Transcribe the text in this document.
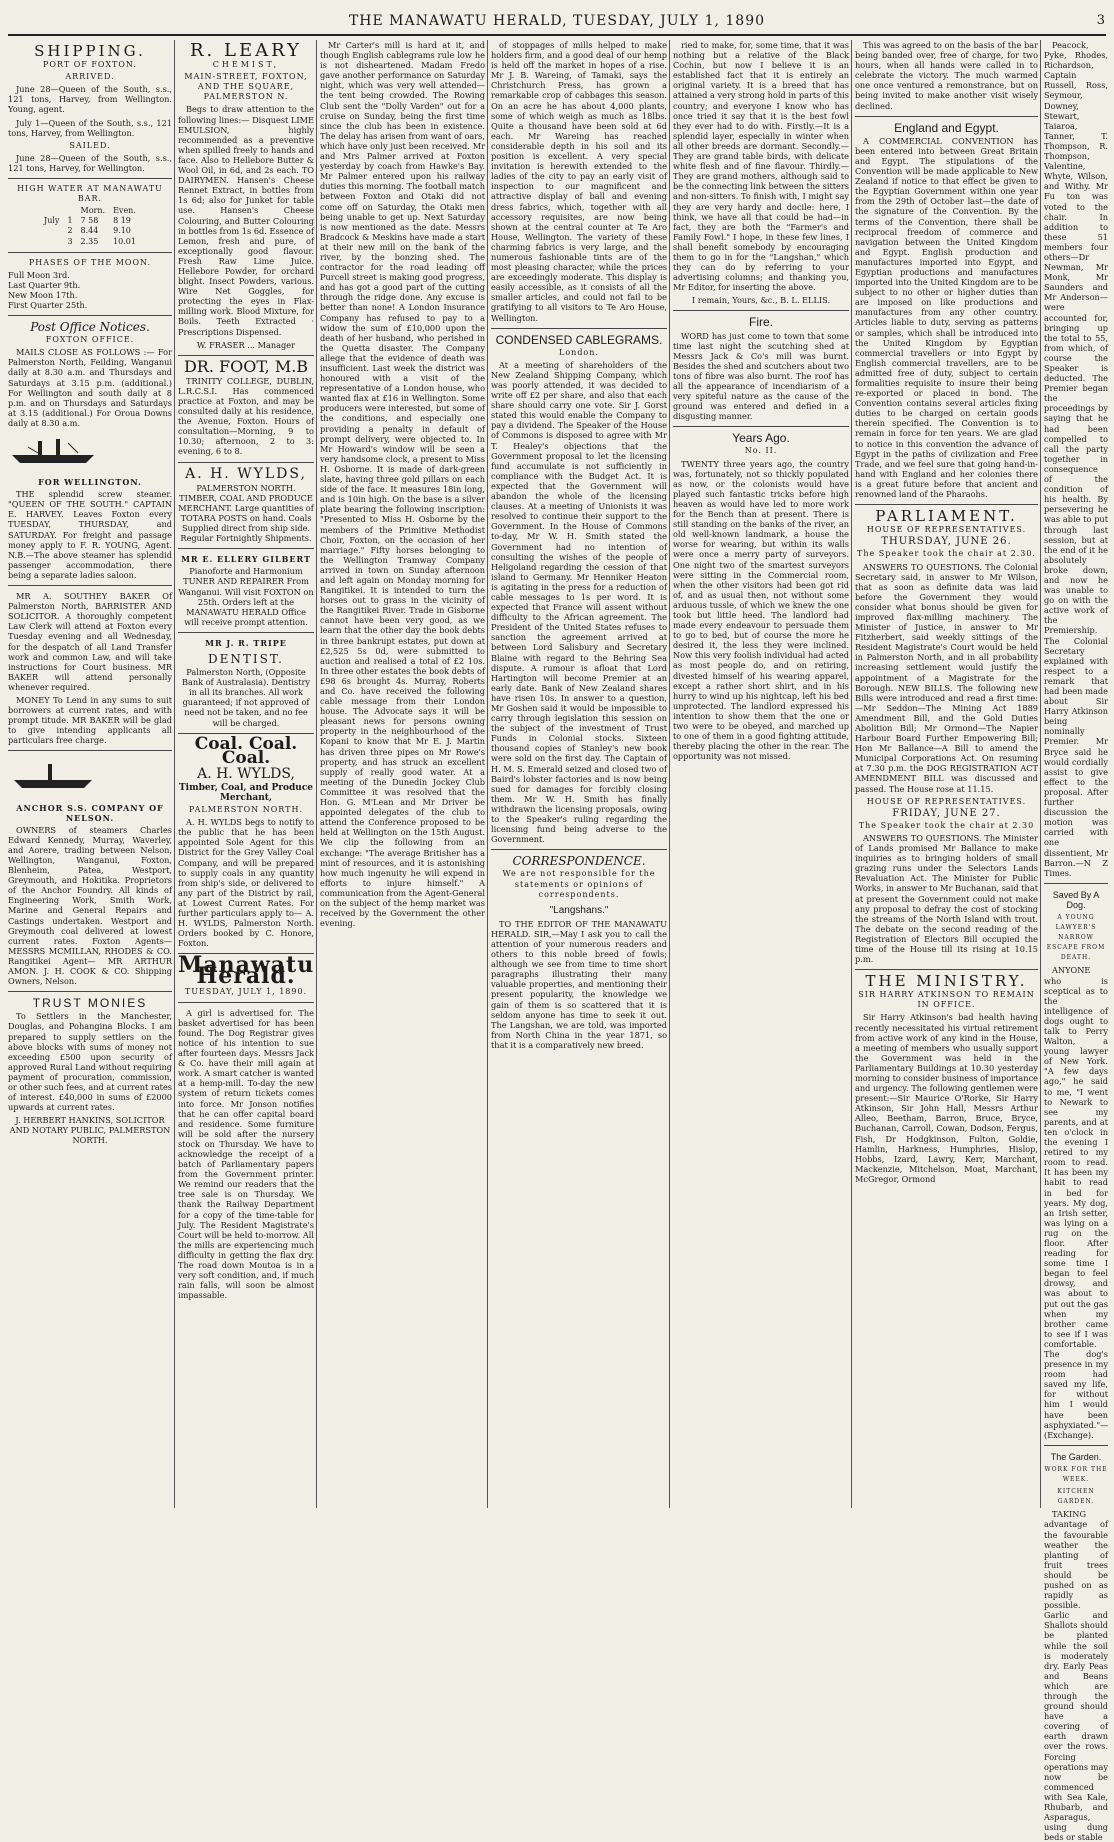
THE MANAWATU HERALD, TUESDAY, JULY 1, 1890	3
SHIPPING.
PORT OF FOXTON.
ARRIVED.

June 28—Queen of the South, s.s., 121 tons, Harvey, from Wellington. Young, agent.

July 1—Queen of the South, s.s., 121 tons, Harvey, from Wellington.

SAILED.

June 28—Queen of the South, s.s., 121 tons, Harvey, for Wellington.

HIGH WATER AT MANAWATU BAR.
		Morn.	Even.
July	1	7 58	8 19
	2	8.44	9.10
	3	2.35	10.01
PHASES OF THE MOON.
Full Moon 3rd.
Last Quarter 9th.
New Moon 17th.
First Quarter 25th.
Post Office Notices.
FOXTON OFFICE.

MAILS CLOSE AS FOLLOWS :— For Palmerston North, Feilding, Wanganui daily at 8.30 a.m. and Thursdays and Saturdays at 3.15 p.m. (additional.) For Wellington and south daily at 8 p.m. and on Thursdays and Saturdays at 3.15 (additional.) For Oroua Downs daily at 8.30 a.m.

FOR WELLINGTON.

THE splendid screw steamer. "QUEEN OF THE SOUTH." CAPTAIN E. HARVEY. Leaves Foxton every TUESDAY, THURSDAY, and SATURDAY. For freight and passage money apply to F. R. YOUNG, Agent. N.B.—The above steamer has splendid passenger accommodation, there being a separate ladies saloon.

MR A. SOUTHEY BAKER Of Palmerston North, BARRISTER AND SOLICITOR. A thoroughly competent Law Clerk will attend at Foxton every Tuesday evening and all Wednesday, for the despatch of all Land Transfer work and common Law, and will take instructions for Court business. MR BAKER will attend personally whenever required.

MONEY To Lend in any sums to suit borrowers at current rates, and with prompt titude. MR BAKER will be glad to give intending applicants all particulars free charge.

ANCHOR S.S. COMPANY OF NELSON.

OWNERS of steamers Charles Edward Kennedy, Murray, Waverley, and Aorere, trading between Nelson, Wellington, Wanganui, Foxton, Blenheim, Patea, Westport, Greymouth, and Hokitika. Proprietors of the Anchor Foundry. All kinds of Engineering Work, Smith Work, Marine and General Repairs and Castings undertaken. Westport and Greymouth coal delivered at lowest current rates. Foxton Agents— MESSRS MCMILLAN, RHODES & CO. Rangitikei Agent— MR ARTHUR AMON. J. H. COOK & CO. Shipping Owners, Nelson.

TRUST MONIES

To Settlers in the Manchester, Douglas, and Pohangina Blocks. I am prepared to supply settlers on the above blocks with sums of money not exceeding £500 upon security of approved Rural Land without requiring payment of procuration, commission, or other such fees, and at current rates of interest. £40,000 in sums of £2000 upwards at current rates.

J. HERBERT HANKINS, SOLICITOR AND NOTARY PUBLIC, PALMERSTON NORTH.

R. LEARY
CHEMIST,
MAIN-STREET, FOXTON, AND THE SQUARE, PALMERSTON N.

Begs to draw attention to the following lines:— Disquest LIME EMULSION, highly recommended as a preventive when spilled freely to hands and face. Also to Hellebore Butter & Wool Oil, in 6d, and 2s each. TO DAIRYMEN. Hansen's Cheese Rennet Extract, in bottles from 1s 6d; also for Junket for table use. Hansen's Cheese Colouring, and Butter Colouring in bottles from 1s 6d. Essence of Lemon, fresh and pure, of exceptionally good flavour. Fresh Raw Lime Juice. Hellebore Powder, for orchard blight. Insect Powders, various. Wire Net Goggles, for protecting the eyes in Flax-milling work. Blood Mixture, for Boils. Teeth Extracted · Prescriptions Dispensed.

W. FRASER ... Manager
DR. FOOT, M.B

TRINITY COLLEGE, DUBLIN, L.R.C.S.I. Has commenced practice at Foxton, and may be consulted daily at his residence, the Avenue, Foxton. Hours of consultation—Morning, 9 to 10.30; afternoon, 2 to 3: evening, 6 to 8.

A. H. WYLDS,

PALMERSTON NORTH. TIMBER, COAL AND PRODUCE MERCHANT. Large quantities of TOTARA POSTS on hand. Coals Supplied direct from ship side. Regular Fortnightly Shipments.

MR E. ELLERY GILBERT

Pianoforte and Harmonium TUNER AND REPAIRER From Wanganui. Will visit FOXTON on 25th. Orders left at the MANAWATU HERALD Office will receive prompt attention.

MR J. R. TRIPE
DENTIST.

Palmerston North, (Opposite Bank of Australasia). Dentistry in all its branches. All work guaranteed; if not approved of need not be taken, and no fee will be charged.

Coal. Coal.
Coal.
A. H. WYLDS,
Timber, Coal, and Produce Merchant,
PALMERSTON NORTH.

A. H. WYLDS begs to notify to the public that he has been appointed Sole Agent for this District for the Grey Valley Coal Company, and will be prepared to supply coals in any quantity from ship's side, or delivered to any part of the District by rail, at Lowest Current Rates. For further particulars apply to— A. H. WYLDS, Palmerston North. Orders booked by C. Honore, Foxton.

Manawatu Herald.
TUESDAY, JULY 1, 1890.

A girl is advertised for. The basket advertised for has been found. The Dog Registrar gives notice of his intention to sue after fourteen days. Messrs Jack & Co. have their mill again at work. A smart catcher is wanted at a hemp-mill. To-day the new system of return tickets comes into force. Mr Jonson notifies that he can offer capital board and residence. Some furniture will be sold after the nursery stock on Thursday. We have to acknowledge the receipt of a batch of Parliamentary papers from the Government printer. We remind our readers that the tree sale is on Thursday. We thank the Railway Department for a copy of the time-table for July. The Resident Magistrate's Court will be held to-morrow. All the mills are experiencing much difficulty in getting the flax dry. The road down Moutoa is in a very soft condition, and, if much rain falls, will soon be almost impassable.

Mr Carter's mill is hard at it, and though English cablegrams rule low he is not disheartened. Madam Fredo gave another performance on Saturday night, which was very well attended—the tent being crowded. The Rowing Club sent the "Dolly Varden" out for a cruise on Sunday, being the first time since the club has been in existence. The delay has arisen from want of oars, which have only just been received. Mr and Mrs Palmer arrived at Foxton yesterday by coach from Hawke's Bay. Mr Palmer entered upon his railway duties this morning. The football match between Foxton and Otaki did not come off on Saturday, the Otaki men being unable to get up. Next Saturday is now mentioned as the date. Messrs Bradcock & Meskins have made a start at their new mill on the bank of the river, by the bonzing shed. The contractor for the road leading off Purcell street is making good progress, and has got a good part of the cutting through the ridge done. Any excuse is better than none! A London Insurance Company has refused to pay to a widow the sum of £10,000 upon the death of her husband, who perished in the Quetta disaster. The Company allege that the evidence of death was insufficient. Last week the district was honoured with a visit of the representative of a London house, who wanted flax at £16 in Wellington. Some producers were interested, but some of the conditions, and especially one providing a penalty in default of prompt delivery, were objected to. In Mr Howard's window will be seen a very handsome clock, a present to Miss H. Osborne. It is made of dark-green slate, having three gold pillars on each side of the face. It measures 18in long, and is 10in high. On the base is a silver plate bearing the following inscription: "Presented to Miss H. Osborne by the members of the Primitive Methodist Choir, Foxton, on the occasion of her marriage." Fifty horses belonging to the Wellington Tramway Company arrived in town on Sunday afternoon and left again on Monday morning for Rangitikei. It is intended to turn the horses out to grass in the vicinity of the Rangitikei River. Trade in Gisborne cannot have been very good, as we learn that the other day the book debts in three bankrupt estates, put down at £2,525 5s 0d, were submitted to auction and realised a total of £2 10s. In three other estates the book debts of £98 6s brought 4s. Murray, Roberts and Co. have received the following cable message from their London house. The Advocate says it will be pleasant news for persons owning property in the neighbourhood of the Kopani to know that Mr E. J. Martin has driven three pipes on Mr Rowe's property, and has struck an excellent supply of really good water. At a meeting of the Dunedin Jockey Club Committee it was resolved that the Hon. G. M'Lean and Mr Driver be appointed delegates of the club to attend the Conference proposed to be held at Wellington on the 15th August. We clip the following from an exchange: "The average Britisher has a mint of resources, and it is astonishing how much ingenuity he will expend in efforts to injure himself." A communication from the Agent-General on the subject of the hemp market was received by the Government the other evening.

of stoppages of mills helped to make holders firm, and a good deal of our hemp is held off the market in hopes of a rise. Mr J. B. Wareing, of Tamaki, says the Christchurch Press, has grown a remarkable crop of cabbages this season. On an acre he has about 4,000 plants, some of which weigh as much as 18lbs. Quite a thousand have been sold at 6d each. Mr Wareing has reached considerable depth in his soil and its position is excellent. A very special invitation is herewith extended to the ladies of the city to pay an early visit of inspection to our magnificent and attractive display of ball and evening dress fabrics, which, together with all accessory requisites, are now being shown at the central counter at Te Aro House, Wellington. The variety of these charming fabrics is very large, and the numerous fashionable tints are of the most pleasing character, while the prices are exceedingly moderate. This display is easily accessible, as it consists of all the smaller articles, and could not fail to be gratifying to all visitors to Te Aro House, Wellington.

CONDENSED CABLEGRAMS.
London.

At a meeting of shareholders of the New Zealand Shipping Company, which was poorly attended, it was decided to write off £2 per share, and also that each share should carry one vote. Sir J. Gorst stated this would enable the Company to pay a dividend. The Speaker of the House of Commons is disposed to agree with Mr T. Healey's objections that the Government proposal to let the licensing fund accumulate is not sufficiently in compliance with the Budget Act. It is expected that the Government will abandon the whole of the licensing clauses. At a meeting of Unionists it was resolved to continue their support to the Government. In the House of Commons to-day, Mr W. H. Smith stated the Government had no intention of consulting the wishes of the people of Heligoland regarding the cession of that island to Germany. Mr Henniker Heaton is agitating in the press for a reduction of cable messages to 1s per word. It is expected that France will assent without difficulty to the African agreement. The President of the United States refuses to sanction the agreement arrived at between Lord Salisbury and Secretary Blaine with regard to the Behring Sea dispute. A rumour is afloat that Lord Hartington will become Premier at an early date. Bank of New Zealand shares have risen 10s. In answer to a question, Mr Goshen said it would be impossible to carry through legislation this session on the subject of the investment of Trust Funds in Colonial stocks. Sixteen thousand copies of Stanley's new book were sold on the first day. The Captain of H. M. S. Emerald seized and closed two of Baird's lobster factories and is now being sued for damages for forcibly closing them. Mr W. H. Smith has finally withdrawn the licensing proposals, owing to the Speaker's ruling regarding the licensing fund being adverse to the Government.

CORRESPONDENCE.
We are not responsible for the statements or opinions of correspondents.
"Langshans."

TO THE EDITOR OF THE MANAWATU HERALD. SIR,—May I ask you to call the attention of your numerous readers and others to this noble breed of fowls; although we see from time to time short paragraphs illustrating their many valuable properties, and mentioning their present popularity, the knowledge we gain of them is so scattered that it is seldom anyone has time to seek it out. The Langshan, we are told, was imported from North China in the year 1871, so that it is a comparatively new breed.

ried to make, for, some time, that it was nothing but a relative of the Black Cochin, but now I believe it is an established fact that it is entirely an original variety. It is a breed that has attained a very strong hold in parts of this country; and everyone I know who has once tried it say that it is the best fowl they ever had to do with. Firstly.—It is a splendid layer, especially in winter when all other breeds are dormant. Secondly.—They are grand table birds, with delicate white flesh and of fine flavour. Thirdly.—They are grand mothers, although said to be the connecting link between the sitters and non-sitters. To finish with, I might say they are very hardy and docile: here, I think, we have all that could be had—in fact, they are both the "Farmer's and Family Fowl." I hope, in these few lines, I shall benefit somebody by encouraging them to go in for the "Langshan," which they can do by referring to your advertising columns; and thanking you, Mr Editor, for inserting the above.

I remain, Yours, &c., B. L. ELLIS.
Fire.

WORD has just come to town that some time last night the scutching shed at Messrs Jack & Co's mill was burnt. Besides the shed and scutchers about two tons of fibre was also burnt. The roof has all the appearance of incendiarism of a very spiteful nature as the cause of the ground was entered and defied in a disgusting manner.

Years Ago.
No. II.

TWENTY three years ago, the country was, fortunately, not so thickly populated as now, or the colonists would have played such fantastic tricks before high heaven as would have led to more work for the Bench than at present. There is still standing on the banks of the river, an old well-known landmark, a house the worse for wearing, but within its walls were once a merry party of surveyors. One night two of the smartest surveyors were sitting in the Commercial room, when the other visitors had been got rid of, and as usual then, not without some arduous tussle, of which we knew the one took but little heed. The landlord had made every endeavour to persuade them to go to bed, but of course the more he desired it, the less they were inclined. Now this very foolish individual had acted as most people do, and on retiring, divested himself of his wearing apparel, except a rather short shirt, and in his hurry to wind up his nightcap, left his bed unprotected. The landlord expressed his intention to show them that the one or two were to be obeyed, and marched up to one of them in a good fighting attitude, thereby placing the other in the rear. The opportunity was not missed.

This was agreed to on the basis of the bar being banded over, free of charge, for two hours, when all hands were called in to celebrate the victory. The much warmed one once ventured a remonstrance, but on being invited to make another visit wisely declined.

England and Egypt.

A COMMERCIAL CONVENTION has been entered into between Great Britain and Egypt. The stipulations of the Convention will be made applicable to New Zealand if notice to that effect be given to the Egyptian Government within one year from the 29th of October last—the date of the signature of the Convention. By the terms of the Convention, there shall be reciprocal freedom of commerce and navigation between the United Kingdom and Egypt. English production and manufactures imported into Egypt, and Egyptian productions and manufactures imported into the United Kingdom are to be subject to no other or higher duties than are imposed on like productions and manufactures from any other country. Articles liable to duty, serving as patterns or samples, which shall be introduced into the United Kingdom by Egyptian commercial travellers or into Egypt by English commercial travellers, are to be admitted free of duty, subject to certain formalities requisite to insure their being re-exported or placed in bond. The Convention contains several articles fixing duties to be charged on certain goods therein specified. The Convention is to remain in force for ten years. We are glad to notice in this convention the advance of Egypt in the paths of civilization and Free Trade, and we feel sure that going hand-in-hand with England and her colonies there is a great future before that ancient and renowned land of the Pharaohs.

PARLIAMENT.
HOUSE OF REPRESENTATIVES.
THURSDAY, JUNE 26.
The Speaker took the chair at 2.30.

ANSWERS TO QUESTIONS. The Colonial Secretary said, in answer to Mr Wilson, that as soon as definite data was laid before the Government they would consider what bonus should be given for improved flax-milling machinery. The Minister of Justice, in answer to Mr Fitzherbert, said weekly sittings of the Resident Magistrate's Court would be held in Palmerston North, and in all probability increasing settlement would justify the appointment of a Magistrate for the Borough. NEW BILLS. The following new Bills were introduced and read a first time:—Mr Seddon—The Mining Act 1889 Amendment Bill, and the Gold Duties Abolition Bill; Mr Ormond—The Napier Harbour Board Further Empowering Bill; Hon Mr Ballance—A Bill to amend the Municipal Corporations Act. On resuming at 7.30 p.m. the DOG REGISTRATION ACT AMENDMENT BILL was discussed and passed. The House rose at 11.15.

HOUSE OF REPRESENTATIVES.
FRIDAY, JUNE 27.
The Speaker took the chair at 2.30

ANSWERS TO QUESTIONS. The Minister of Lands promised Mr Ballance to make inquiries as to bringing holders of small grazing runs under the Selectors Lands Revaluation Act. The Minister for Public Works, in answer to Mr Buchanan, said that at present the Government could not make any proposal to defray the cost of stocking the streams of the North Island with trout. The debate on the second reading of the Registration of Electors Bill occupied the time of the House till its rising at 10.15 p.m.

THE MINISTRY.
SIR HARRY ATKINSON TO REMAIN IN OFFICE.

Sir Harry Atkinson's bad health having recently necessitated his virtual retirement from active work of any kind in the House, a meeting of members who usually support the Government was held in the Parliamentary Buildings at 10.30 yesterday morning to consider business of importance and urgency. The following gentlemen were present:—Sir Maurice O'Rorke, Sir Harry Atkinson, Sir John Hall, Messrs Arthur Alleo, Beetham, Barron, Bruce, Bryce, Buchanan, Carroll, Cowan, Dodson, Fergus, Fish, Dr Hodgkinson, Fulton, Goldie, Hamlin, Harkness, Humphries, Hislop, Hobbs, Izard, Lawry, Kerr, Marchant, Mackenzie, Mitchelson, Moat, Marchant, McGregor, Ormond

Peacock, Pyke, Rhodes, Richardson, Captain Russell, Ross, Seymour, Downey, Stewart, Taiaroa, Tanner, T. Thompson, R. Thompson, Valentine, Whyte, Wilson, and Withy. Mr Fu ton was voted to the chair. In addition to these 51 members four others—Dr Newman, Mr Monk, Mr Saunders and Mr Anderson—were accounted for, bringing up the total to 55, from which, of course the Speaker is deducted. The Premier began the proceedings by saying that he had been compelled to call the party together in consequence of the condition of his health. By persevering he was able to put through last session, but at the end of it he absolutely broke down, and now he was unable to go on with the active work of the Premiership. The Colonial Secretary explained with respect to a remark that had been made about Sir Harry Atkinson being nominally Premier. Mr Bryce said he would cordially assist to give effect to the proposal. After further discussion the motion was carried with one dissentient, Mr Barron.—N Z Times.

Saved By A Dog.
A YOUNG LAWYER'S NARROW ESCAPE FROM DEATH.

ANYONE who is sceptical as to the intelligence of dogs ought to talk to Perry Walton, a young lawyer of New York. "A few days ago," he said to me, "I went to Newark to see my parents, and at ten o'clock in the evening I retired to my room to read. It has been my habit to read in bed for years. My dog, an Irish setter, was lying on a rug on the floor. After reading for some time I began to feel drowsy, and was about to put out the gas when my brother came to see if I was comfortable. The dog's presence in my room had saved my life, for without him I would have been asphyxiated."—(Exchange).

The Garden.
WORK FOR THE WEEK.
KITCHEN GARDEN.

TAKING advantage of the favourable weather the planting of fruit trees should be pushed on as rapidly as possible. Garlic and Shallots should be planted while the soil is moderately dry. Early Peas and Beans which are through the ground should have a covering of earth drawn over the rows. Forcing operations may now be commenced with Sea Kale, Rhubarb, and Asparagus, using dung beds or stable
